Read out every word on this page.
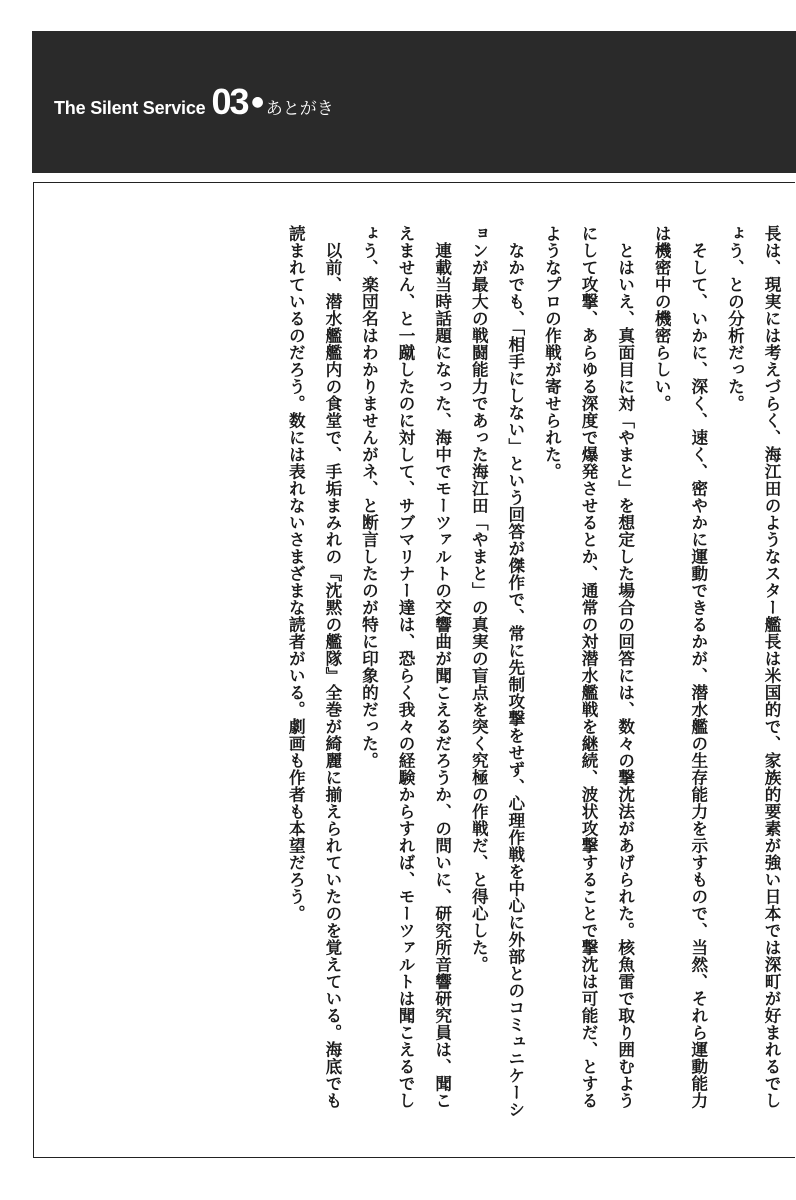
The Silent Service 03 ● あとがき

長は、現実には考えづらく、海江田のようなスター艦長は米国的で、家族的要素が強い日本では深町が好まれるでしょう、との分析だった。

そして、いかに、深く、速く、密やかに運動できるかが、潜水艦の生存能力を示すもので、当然、それら運動能力は機密中の機密らしい。

とはいえ、真面目に対「やまと」を想定した場合の回答には、数々の撃沈法があげられた。核魚雷で取り囲むようにして攻撃、あらゆる深度で爆発させるとか、通常の対潜水艦戦を継続、波状攻撃することで撃沈は可能だ、とするようなプロの作戦が寄せられた。

なかでも、「相手にしない」という回答が傑作で、常に先制攻撃をせず、心理作戦を中心に外部とのコミュニケーションが最大の戦闘能力であった海江田「やまと」の真実の盲点を突く究極の作戦だ、と得心した。

連載当時話題になった、海中でモーツァルトの交響曲が聞こえるだろうか、の問いに、研究所音響研究員は、聞こえません、と一蹴したのに対して、サブマリナー達は、恐らく我々の経験からすれば、モーツァルトは聞こえるでしょう、楽団名はわかりませんがネ、と断言したのが特に印象的だった。

以前、潜水艦艦内の食堂で、手垢まみれの『沈黙の艦隊』全巻が綺麗に揃えられていたのを覚えている。海底でも読まれているのだろう。数には表れないさまざまな読者がいる。劇画も作者も本望だろう。
